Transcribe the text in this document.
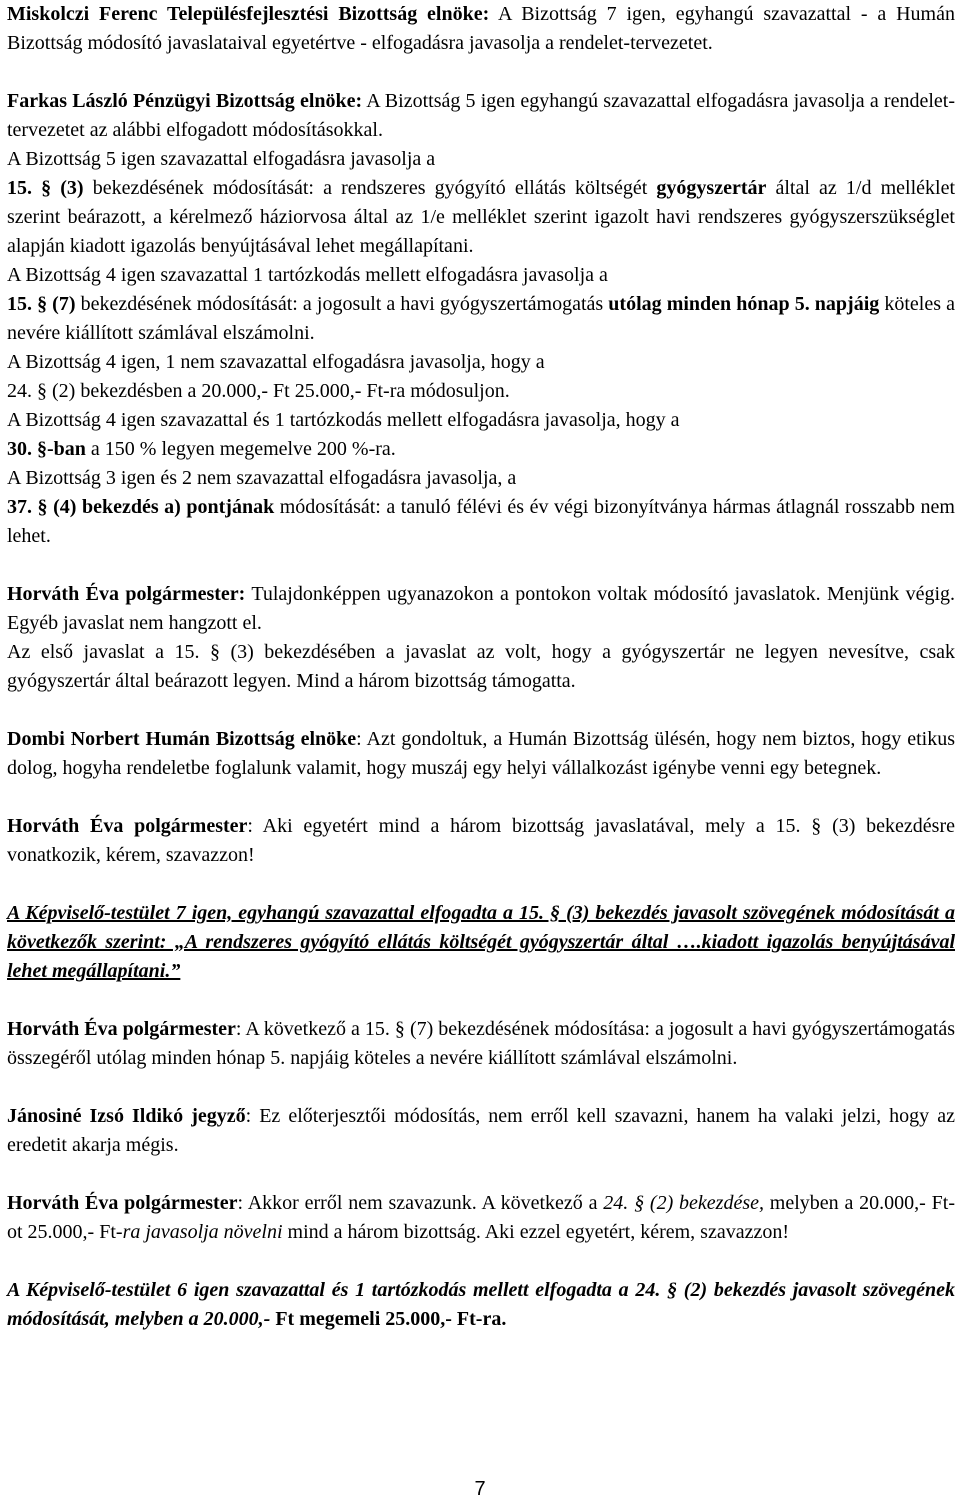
Miskolczi Ferenc Településfejlesztési Bizottság elnöke: A Bizottság 7 igen, egyhangú szavazattal - a Humán Bizottság módosító javaslataival egyetértve - elfogadásra javasolja a rendelet-tervezetet.

Farkas László Pénzügyi Bizottság elnöke: A Bizottság 5 igen egyhangú szavazattal elfogadásra javasolja a rendelet-tervezetet az alábbi elfogadott módosításokkal.
A Bizottság 5 igen szavazattal elfogadásra javasolja a
15. § (3) bekezdésének módosítását: a rendszeres gyógyító ellátás költségét gyógyszertár által az 1/d melléklet szerint beárazott, a kérelmező háziorvosa által az 1/e melléklet szerint igazolt havi rendszeres gyógyszerszükséglet alapján kiadott igazolás benyújtásával lehet megállapítani.
A Bizottság 4 igen szavazattal 1 tartózkodás mellett elfogadásra javasolja a
15. § (7) bekezdésének módosítását: a jogosult a havi gyógyszertámogatás utólag minden hónap 5. napjáig köteles a nevére kiállított számlával elszámolni.
A Bizottság 4 igen, 1 nem szavazattal elfogadásra javasolja, hogy a
24. § (2) bekezdésben a 20.000,- Ft 25.000,- Ft-ra módosuljon.
A Bizottság 4 igen szavazattal és 1 tartózkodás mellett elfogadásra javasolja, hogy a
30. §-ban a 150 % legyen megemelve 200 %-ra.
A Bizottság 3 igen és 2 nem szavazattal elfogadásra javasolja, a
37. § (4) bekezdés a) pontjának módosítását: a tanuló félévi és év végi bizonyítványa hármas átlagnál rosszabb nem lehet.

Horváth Éva polgármester: Tulajdonképpen ugyanazokon a pontokon voltak módosító javaslatok. Menjünk végig. Egyéb javaslat nem hangzott el.
Az első javaslat a 15. § (3) bekezdésében a javaslat az volt, hogy a gyógyszertár ne legyen nevesítve, csak gyógyszertár által beárazott legyen. Mind a három bizottság támogatta.

Dombi Norbert Humán Bizottság elnöke: Azt gondoltuk, a Humán Bizottság ülésén, hogy nem biztos, hogy etikus dolog, hogyha rendeletbe foglalunk valamit, hogy muszáj egy helyi vállalkozást igénybe venni egy betegnek.

Horváth Éva polgármester: Aki egyetért mind a három bizottság javaslatával, mely a 15. § (3) bekezdésre vonatkozik, kérem, szavazzon!

A Képviselő-testület 7 igen, egyhangú szavazattal elfogadta a 15. § (3) bekezdés javasolt szövegének módosítását a következők szerint: „A rendszeres gyógyító ellátás költségét gyógyszertár által ….kiadott igazolás benyújtásával lehet megállapítani.”

Horváth Éva polgármester: A következő a 15. § (7) bekezdésének módosítása: a jogosult a havi gyógyszertámogatás összegéről utólag minden hónap 5. napjáig köteles a nevére kiállított számlával elszámolni.

Jánosiné Izsó Ildikó jegyző: Ez előterjesztői módosítás, nem erről kell szavazni, hanem ha valaki jelzi, hogy az eredetit akarja mégis.

Horváth Éva polgármester: Akkor erről nem szavazunk. A következő a 24. § (2) bekezdése, melyben a 20.000,- Ft-ot 25.000,- Ft-ra javasolja növelni mind a három bizottság. Aki ezzel egyetért, kérem, szavazzon!

A Képviselő-testület 6 igen szavazattal és 1 tartózkodás mellett elfogadta a 24. § (2) bekezdés javasolt szövegének módosítását, melyben a 20.000,- Ft megemeli 25.000,- Ft-ra.

7
